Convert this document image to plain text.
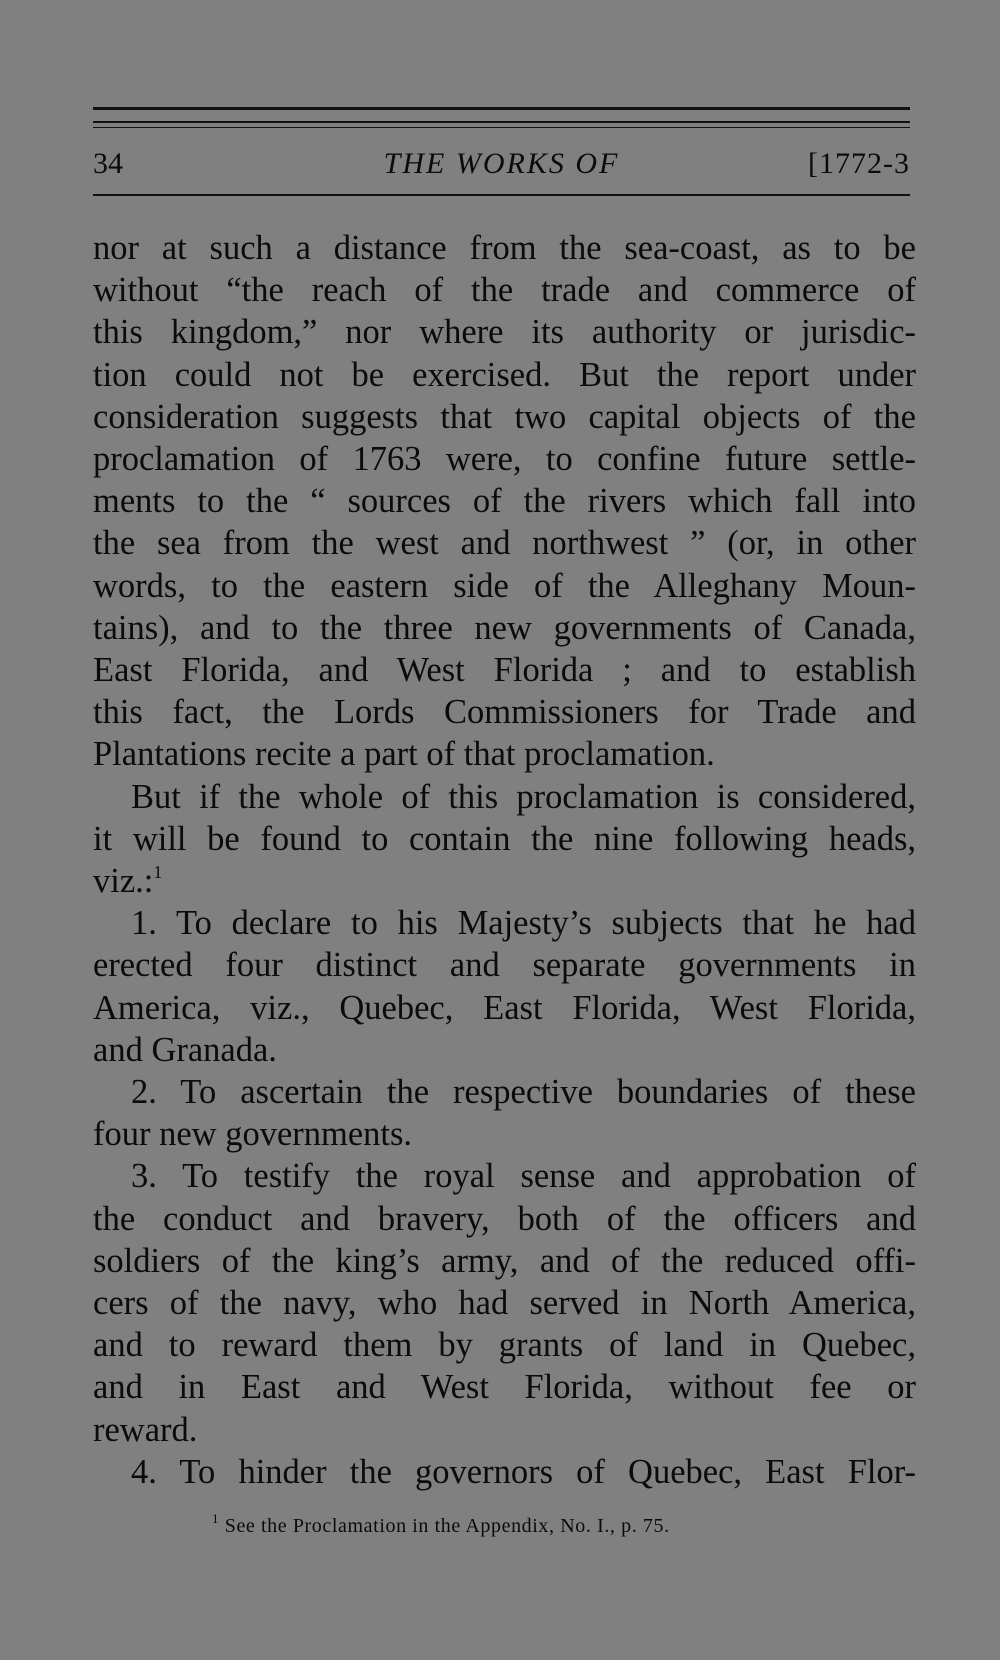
34	THE WORKS OF	[1772-3
nor at such a distance from the sea-coast, as to be
without “the reach of the trade and commerce of
this kingdom,” nor where its authority or jurisdic-
tion could not be exercised. But the report under
consideration suggests that two capital objects of the
proclamation of 1763 were, to confine future settle-
ments to the “ sources of the rivers which fall into
the sea from the west and northwest ” (or, in other
words, to the eastern side of the Alleghany Moun-
tains), and to the three new governments of Canada,
East Florida, and West Florida ; and to establish
this fact, the Lords Commissioners for Trade and
Plantations recite a part of that proclamation.
But if the whole of this proclamation is considered,
it will be found to contain the nine following heads,
viz.:$^1$
1. To declare to his Majesty’s subjects that he had
erected four distinct and separate governments in
America, viz., Quebec, East Florida, West Florida,
and Granada.
2. To ascertain the respective boundaries of these
four new governments.
3. To testify the royal sense and approbation of
the conduct and bravery, both of the officers and
soldiers of the king’s army, and of the reduced offi-
cers of the navy, who had served in North America,
and to reward them by grants of land in Quebec,
and in East and West Florida, without fee or
reward.
4. To hinder the governors of Quebec, East Flor-
$^1$ See the Proclamation in the Appendix, No. I., p. 75.
